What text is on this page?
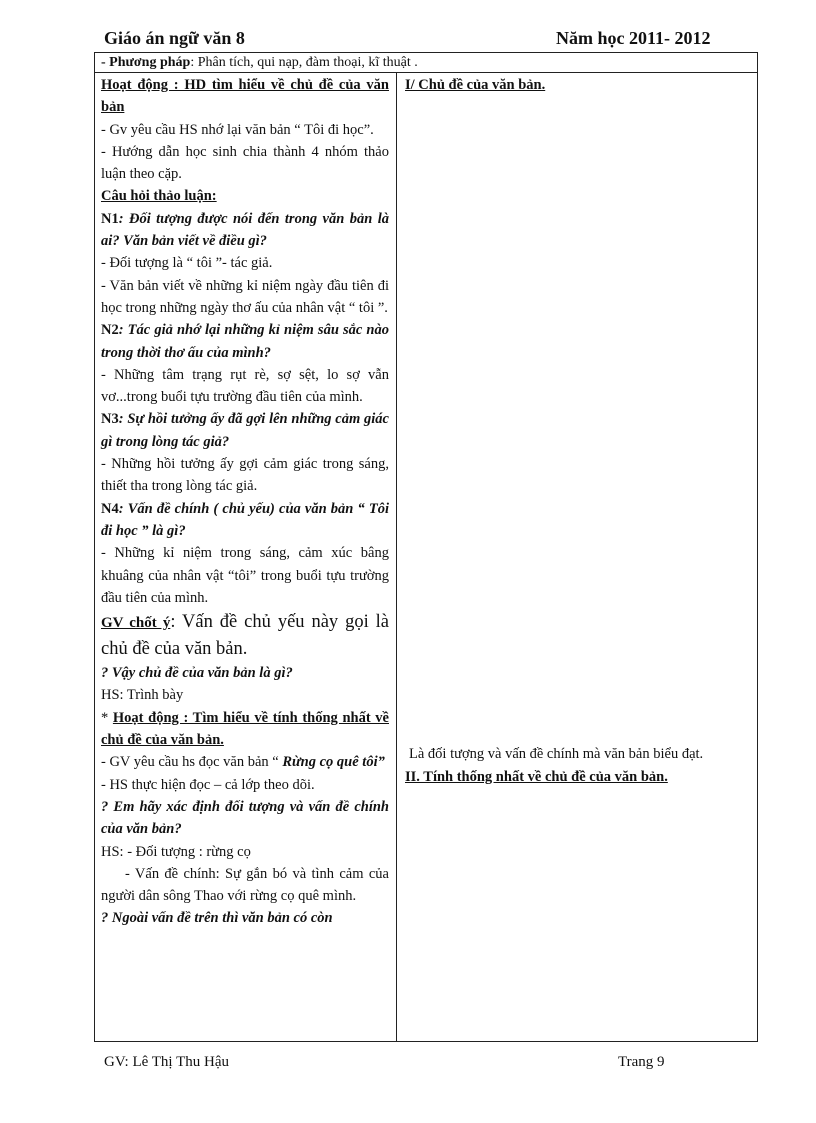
Giáo án ngữ văn 8	Năm học 2011- 2012
- Phương pháp: Phân tích, qui nạp, đàm thoại, kĩ thuật .

Hoạt động : HD tìm hiểu về chủ đề của văn bản

- Gv yêu cầu HS nhớ lại văn bản “ Tôi đi học”.

- Hướng dẫn học sinh chia thành 4 nhóm thảo luận theo cặp.

Câu hỏi thảo luận:

N1: Đối tượng được nói đến trong văn bản là ai? Văn bản viết về điều gì?

- Đối tượng là “ tôi ”- tác giả.

- Văn bản viết về những kỉ niệm ngày đầu tiên đi học trong những ngày thơ ấu của nhân vật “ tôi ”.

N2: Tác giả nhớ lại những kỉ niệm sâu sắc nào trong thời thơ ấu của mình?

- Những tâm trạng rụt rè, sợ sệt, lo sợ vẫn vơ...trong buổi tựu trường đầu tiên của mình.

N3: Sự hồi tưởng ấy đã gợi lên những cảm giác gì trong lòng tác giả?

- Những hồi tưởng ấy gợi cảm giác trong sáng, thiết tha trong lòng tác giả.

N4: Vấn đề chính ( chủ yếu) của văn bản “ Tôi đi học ” là gì?

- Những kỉ niệm trong sáng, cảm xúc bâng khuâng của nhân vật “tôi” trong buổi tựu trường đầu tiên của mình.

GV chốt ý: Vấn đề chủ yếu này gọi là chủ đề của văn bản.

? Vậy chủ đề của văn bản là gì?

HS: Trình bày

* Hoạt động : Tìm hiểu về tính thống nhất về chủ đề của văn bản.

- GV yêu cầu hs đọc văn bản “ Rừng cọ quê tôi”

- HS thực hiện đọc – cả lớp theo dõi.

? Em hãy xác định đối tượng và vấn đề chính của văn bản?

HS: - Đối tượng : rừng cọ

- Vấn đề chính: Sự gắn bó và tình cảm của người dân sông Thao với rừng cọ quê mình.

? Ngoài vấn đề trên thì văn bản có còn

I/ Chủ đề của văn bản.

Là đối tượng và vấn đề chính mà văn bản biểu đạt.

II. Tính thống nhất về chủ đề của văn bản.

GV: Lê Thị Thu Hậu	Trang 9
